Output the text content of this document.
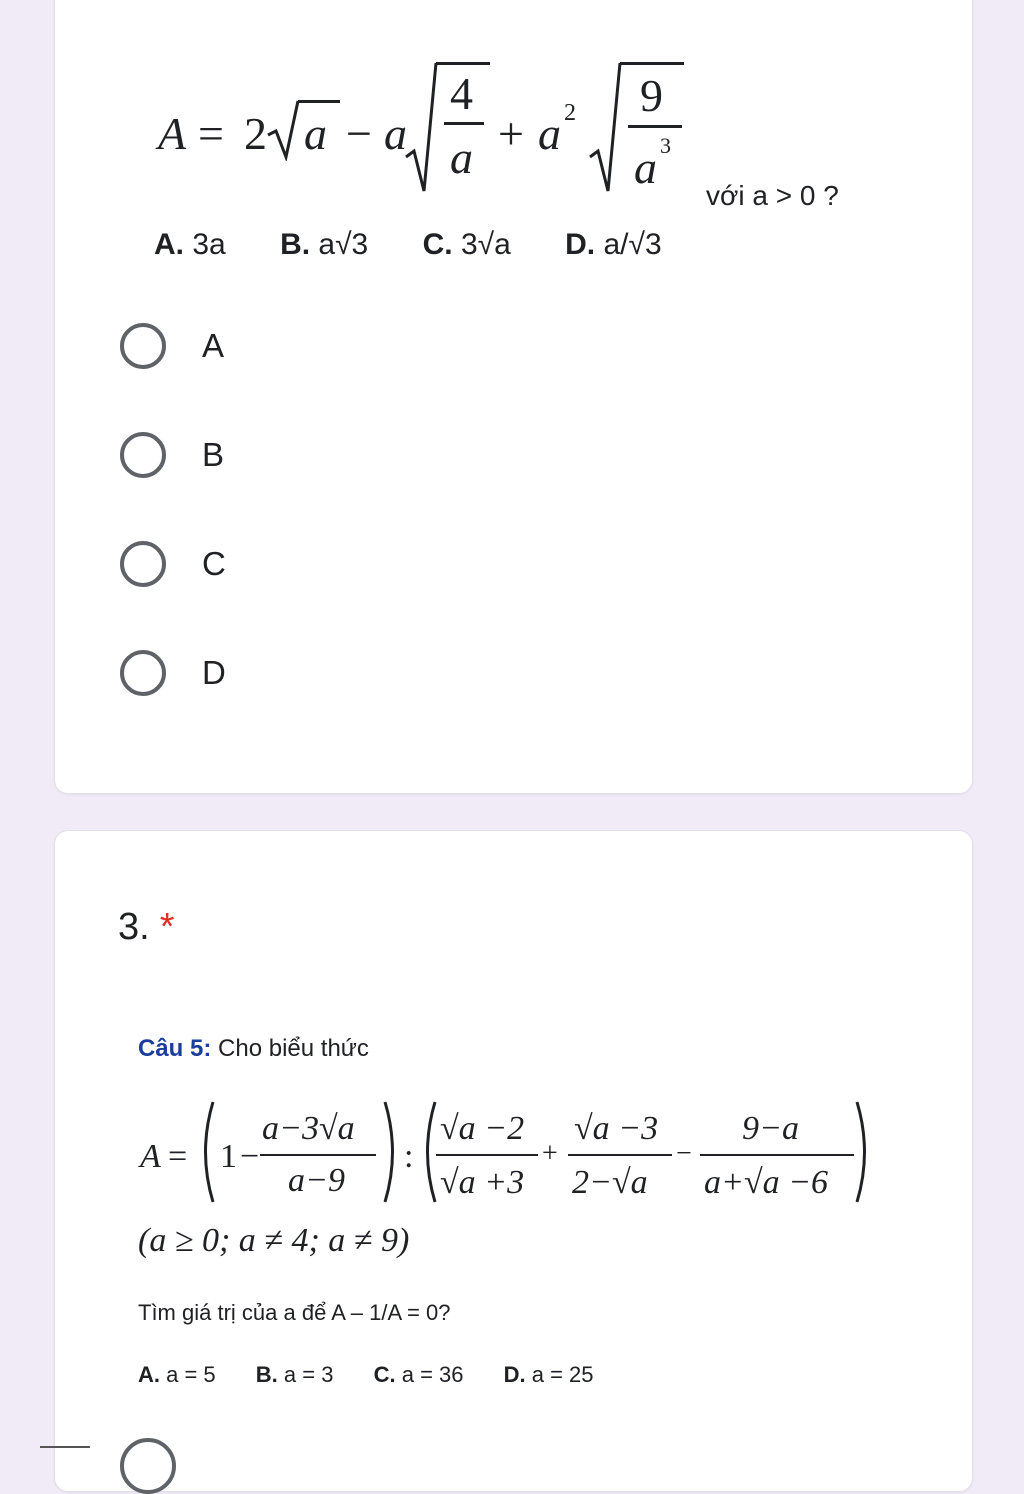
A = 2 a − a
4
a + a 2 9
a 3
với a > 0 ?
A. 3a B. a√3 C. 3√a D. a/√3
A
B
C
D
3. *
Câu 5: Cho biểu thức
A = 1 −
a−3√a
a−9
:
√a −2
√a +3
+
√a −3
2−√a
−
9−a
a+√a −6
(a ≥ 0; a ≠ 4; a ≠ 9)
Tìm giá trị của a để A – 1/A = 0?
A. a = 5 B. a = 3 C. a = 36 D. a = 25
